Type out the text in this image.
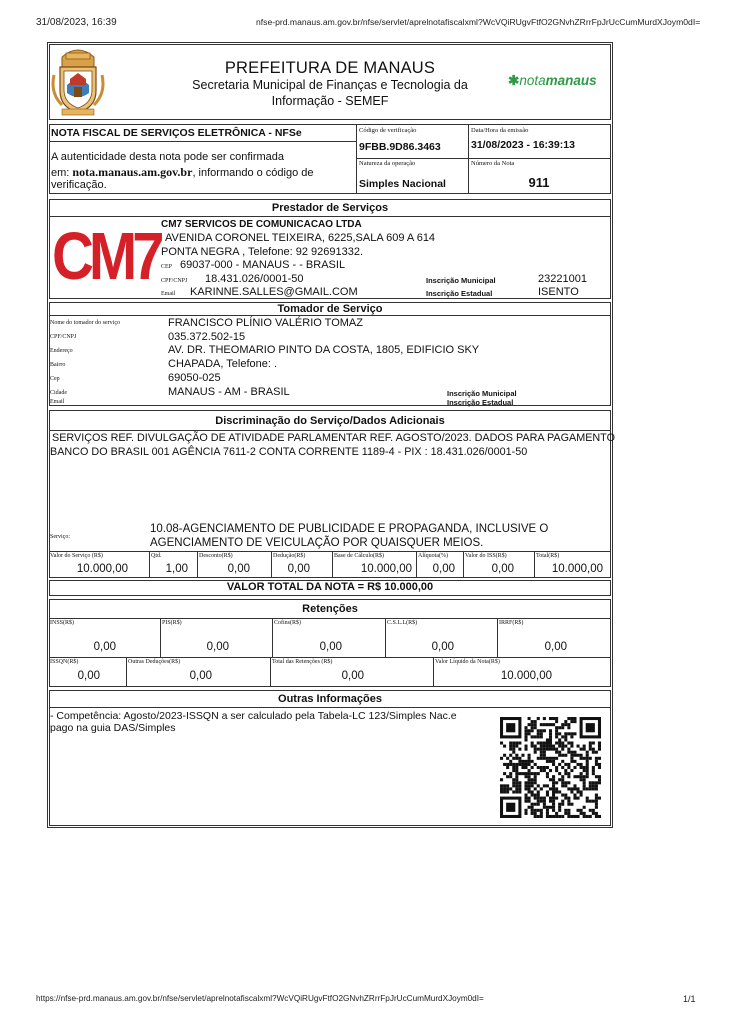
31/08/2023, 16:39	nfse-prd.manaus.am.gov.br/nfse/servlet/aprelnotafiscalxml?WcVQiRUgvFtfO2GNvhZRrrFpJrUcCumMurdXJoym0dI=
https://nfse-prd.manaus.am.gov.br/nfse/servlet/aprelnotafiscalxml?WcVQiRUgvFtfO2GNvhZRrrFpJrUcCumMurdXJoym0dI=	1/1
PREFEITURA DE MANAUS
Secretaria Municipal de Finanças e Tecnologia da
Informação - SEMEF
✱notamanaus
NOTA FISCAL DE SERVIÇOS ELETRÔNICA - NFSe
A autenticidade desta nota pode ser confirmada
em: nota.manaus.am.gov.br, informando o código de
verificação.
Código de verificação
9FBB.9D86.3463
Data/Hora da emissão
31/08/2023 - 16:39:13
Natureza da operação
Simples Nacional
Número da Nota
911
Prestador de Serviços
CM7 CM7 SERVICOS DE COMUNICACAO LTDA
AVENIDA CORONEL TEIXEIRA, 6225,SALA 609 A 614
PONTA NEGRA , Telefone: 92 92691332.
CEP 69037-000 - MANAUS - - BRASIL
CPF/CNPJ 18.431.026/0001-50
Email KARINNE.SALLES@GMAIL.COM
Inscrição Municipal	23221001
Inscrição Estadual	ISENTO
Tomador de Serviço
Nome do tomador do serviço	FRANCISCO PLÍNIO VALÉRIO TOMAZ
CPF/CNPJ	035.372.502-15
Endereço	AV. DR. THEOMARIO PINTO DA COSTA, 1805, EDIFICIO SKY
Bairro	CHAPADA, Telefone: .
Cep	69050-025
Cidade	MANAUS - AM - BRASIL
Email
Inscrição Municipal
Inscrição Estadual
Discriminação do Serviço/Dados Adicionais
SERVIÇOS REF. DIVULGAÇÃO DE ATIVIDADE PARLAMENTAR REF. AGOSTO/2023. DADOS PARA PAGAMENTO
BANCO DO BRASIL 001 AGÊNCIA 7611-2 CONTA CORRENTE 1189-4 - PIX : 18.431.026/0001-50
Serviço:
10.08-AGENCIAMENTO DE PUBLICIDADE E PROPAGANDA, INCLUSIVE O
AGENCIAMENTO DE VEICULAÇÃO POR QUAISQUER MEIOS.
Valor do Serviço (R$)
10.000,00
Qtd.
1,00
Desconto(R$)
0,00
Dedução(R$)
0,00
Base de Cálculo(R$)
10.000,00
Alíquota(%)
0,00
Valor do ISS(R$)
0,00
Total(R$)
10.000,00
VALOR TOTAL DA NOTA = R$ 10.000,00
Retenções
INSS(R$)
0,00
PIS(R$)
0,00
Cofins(R$)
0,00
C.S.L.L(R$)
0,00
IRRF(R$)
0,00
ISSQN(R$)
0,00
Outras Deduções(R$)
0,00
Total das Retenções (R$)
0,00
Valor Líquido da Nota(R$)
10.000,00
Outras Informações
- Competência: Agosto/2023-ISSQN a ser calculado pela Tabela-LC 123/Simples Nac.e
pago na guia DAS/Simples
